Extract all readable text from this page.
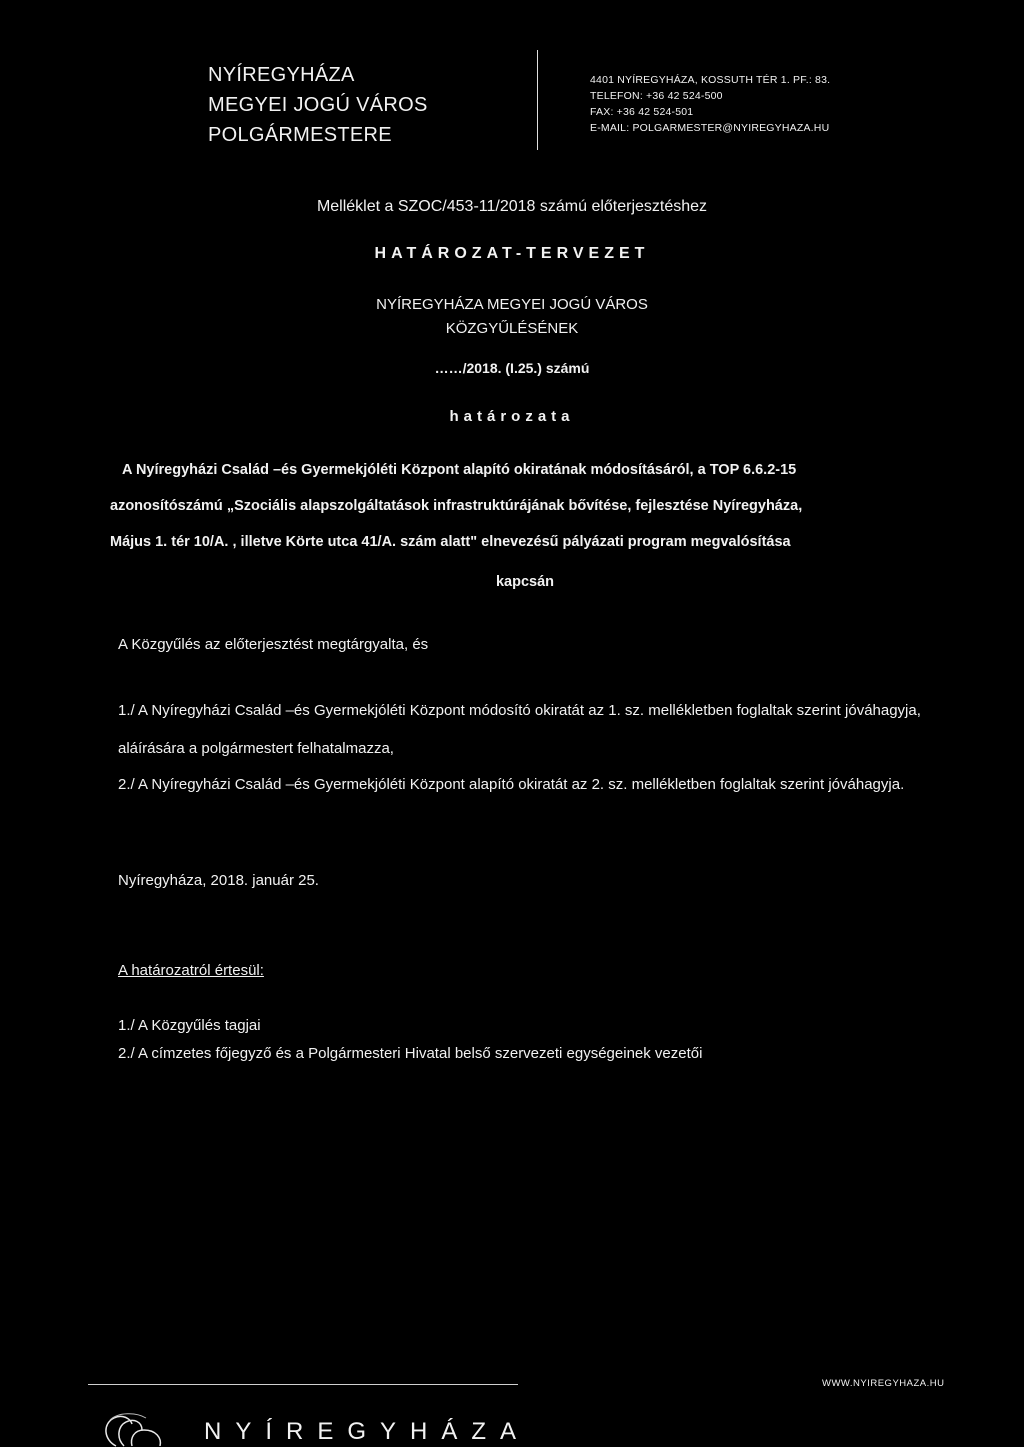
NYÍREGYHÁZA
MEGYEI JOGÚ VÁROS
POLGÁRMESTERE
4401 NYÍREGYHÁZA, KOSSUTH TÉR 1. PF.: 83.
TELEFON: +36 42 524-500
FAX: +36 42 524-501
E-MAIL: POLGARMESTER@NYIREGYHAZA.HU
Melléklet a SZOC/453-11/2018 számú előterjesztéshez
HATÁROZAT-TERVEZET
NYÍREGYHÁZA MEGYEI JOGÚ VÁROS
KÖZGYŰLÉSÉNEK
……/2018. (I.25.) számú
határozata

A Nyíregyházi Család –és Gyermekjóléti Központ alapító okiratának módosításáról, a TOP 6.6.2-15

azonosítószámú „Szociális alapszolgáltatások infrastruktúrájának bővítése, fejlesztése Nyíregyháza,

Május 1. tér 10/A. , illetve Körte utca 41/A. szám alatt" elnevezésű pályázati program megvalósítása

kapcsán

A Közgyűlés az előterjesztést megtárgyalta, és
1./ A Nyíregyházi Család –és Gyermekjóléti Központ módosító okiratát az 1. sz. mellékletben foglaltak szerint jóváhagyja, aláírására a polgármestert felhatalmazza,
2./ A Nyíregyházi Család –és Gyermekjóléti Központ alapító okiratát az 2. sz. mellékletben foglaltak szerint jóváhagyja.
Nyíregyháza, 2018. január 25.
A határozatról értesül:
1./ A Közgyűlés tagjai
2./ A címzetes főjegyző és a Polgármesteri Hivatal belső szervezeti egységeinek vezetői
WWW.NYIREGYHAZA.HU
NYÍREGYHÁZA
